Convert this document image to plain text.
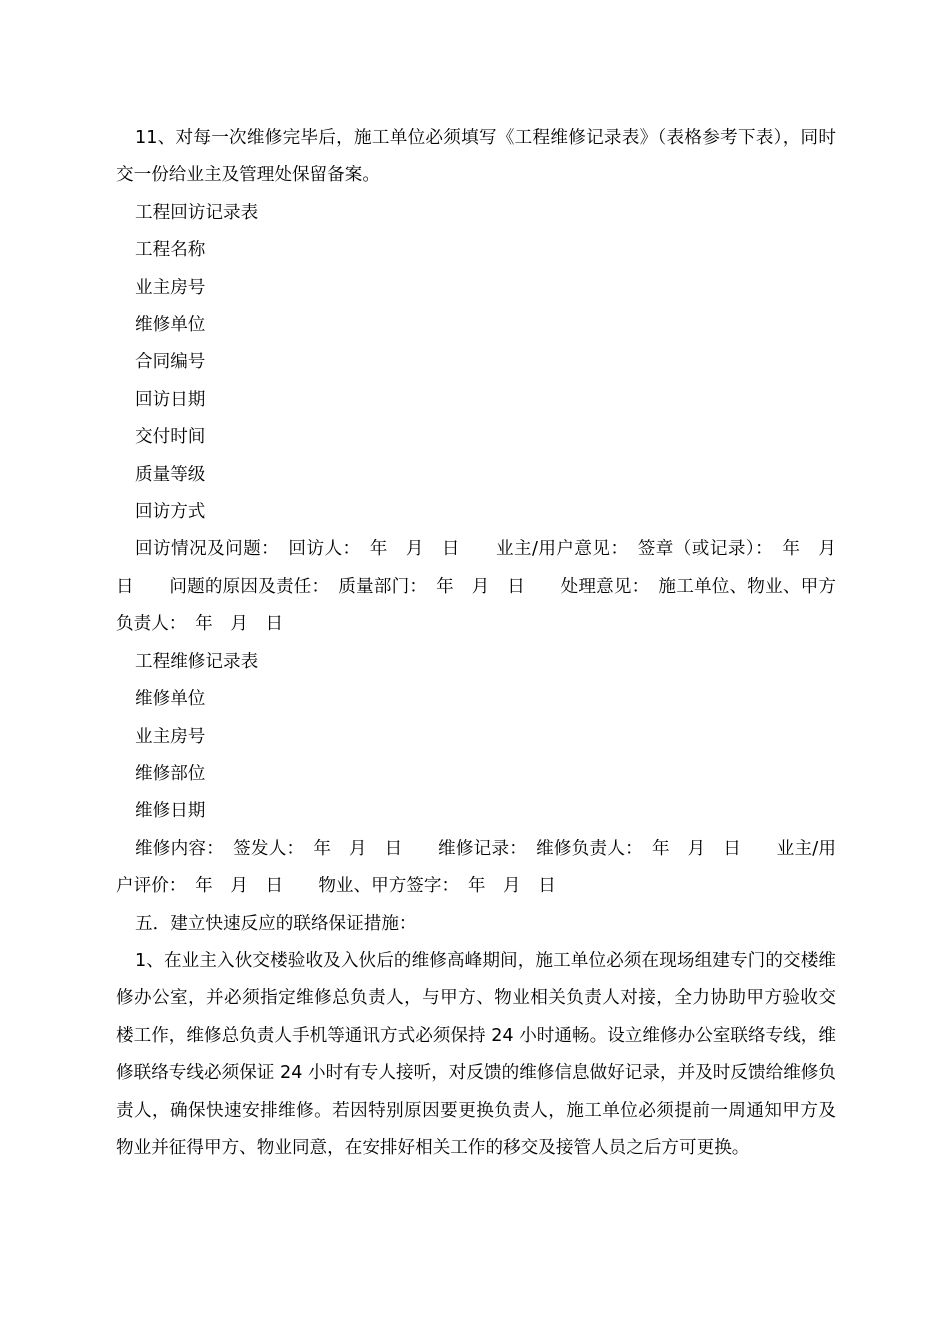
11、对每一次维修完毕后，施工单位必须填写《工程维修记录表》（表格参考下表），同时交一份给业主及管理处保留备案。

工程回访记录表

工程名称

业主房号

维修单位

合同编号

回访日期

交付时间

质量等级

回访方式

回访情况及问题：　回访人：　年　月　日　　业主/用户意见：　签章（或记录）：　年　月　日　　问题的原因及责任：　质量部门：　年　月　日　　处理意见：　施工单位、物业、甲方负责人：　年　月　日

工程维修记录表

维修单位

业主房号

维修部位

维修日期

维修内容：　签发人：　年　月　日　　维修记录：　维修负责人：　年　月　日　　业主/用户评价：　年　月　日　　物业、甲方签字：　年　月　日

五．建立快速反应的联络保证措施：

1、在业主入伙交楼验收及入伙后的维修高峰期间，施工单位必须在现场组建专门的交楼维修办公室，并必须指定维修总负责人，与甲方、物业相关负责人对接，全力协助甲方验收交楼工作，维修总负责人手机等通讯方式必须保持 24 小时通畅。设立维修办公室联络专线，维修联络专线必须保证 24 小时有专人接听，对反馈的维修信息做好记录，并及时反馈给维修负责人，确保快速安排维修。若因特别原因要更换负责人，施工单位必须提前一周通知甲方及物业并征得甲方、物业同意，在安排好相关工作的移交及接管人员之后方可更换。
